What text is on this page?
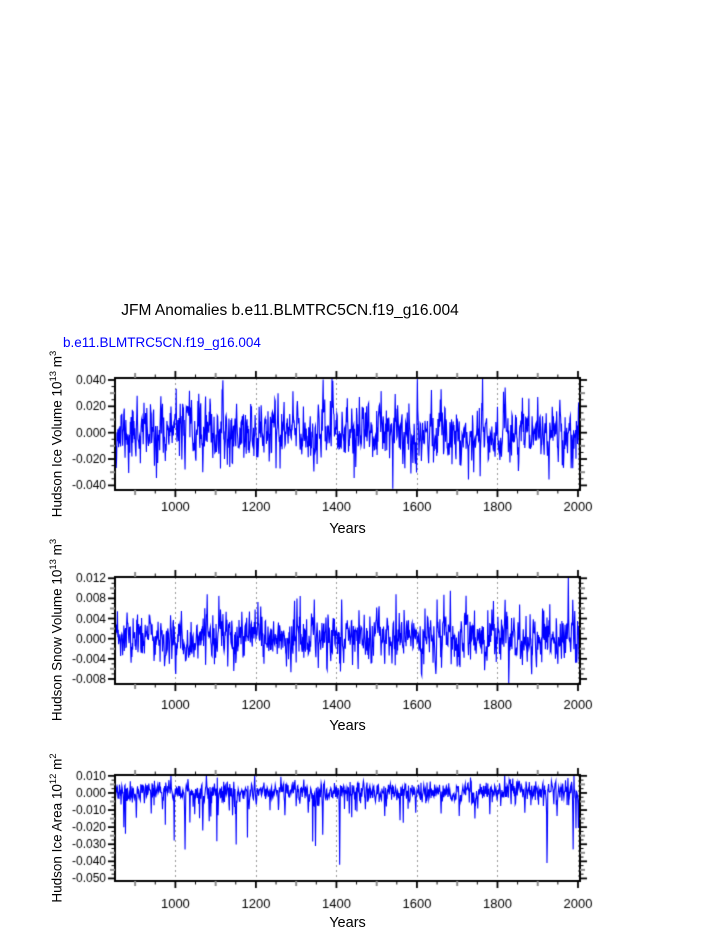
JFM Anomalies b.e11.BLMTRC5CN.f19_g16.004
b.e11.BLMTRC5CN.f19_g16.004
$^3$
Years
$m^3$
Years
$^2$
Years
